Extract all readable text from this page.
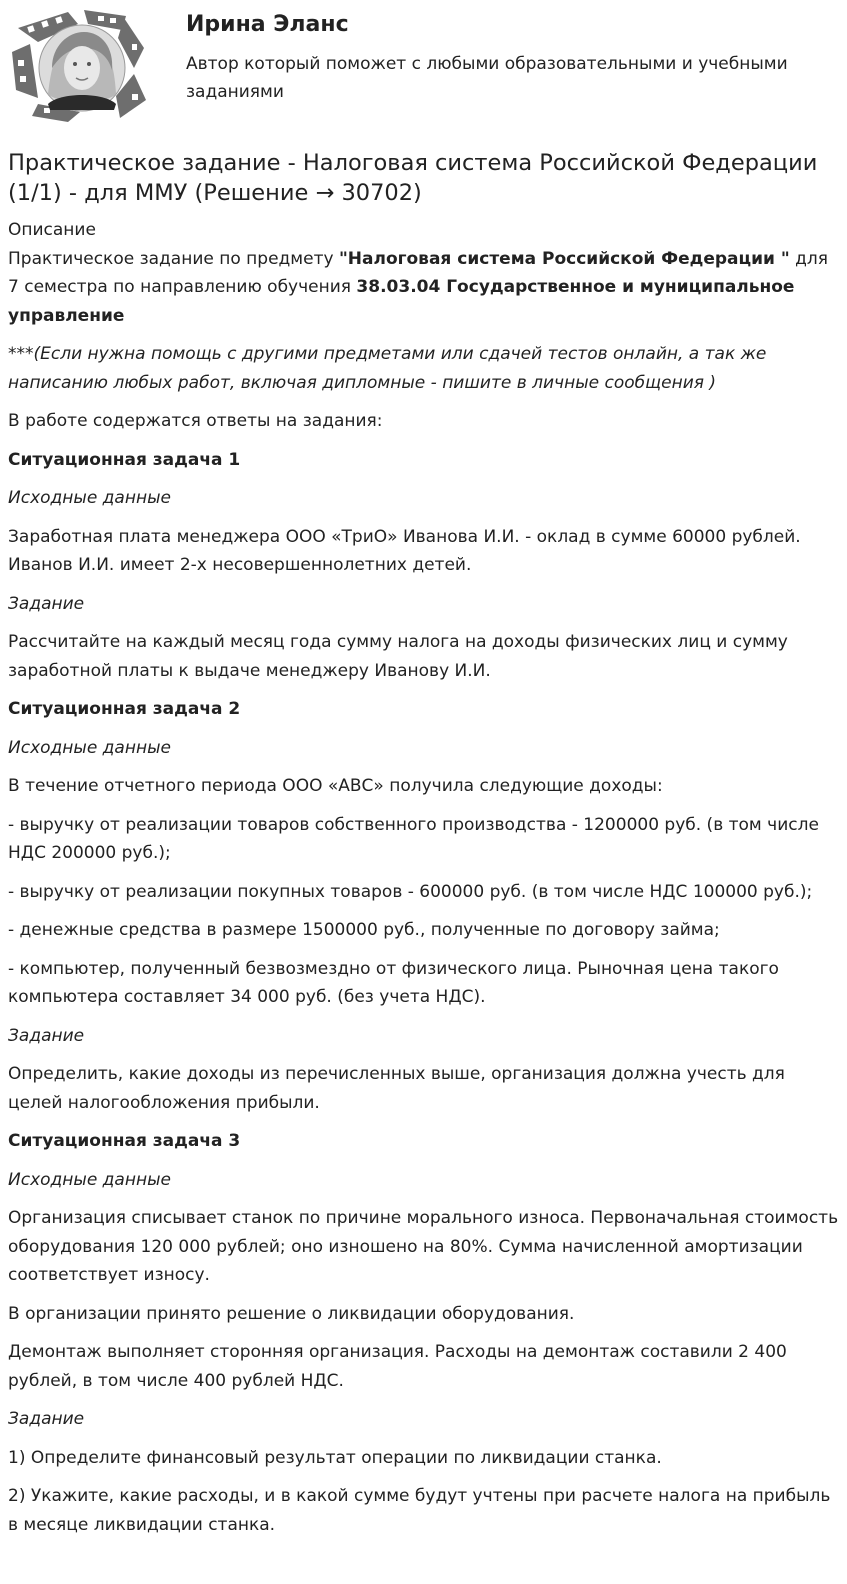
Ирина Эланс

Автор который поможет с любыми образовательными и учебными заданиями

Практическое задание - Налоговая система Российской Федерации (1/1) - для ММУ (Решение → 30702)

Описание

Практическое задание по предмету "Налоговая система Российской Федерации " для 7 семестра по направлению обучения 38.03.04 Государственное и муниципальное управление

***(Если нужна помощь с другими предметами или сдачей тестов онлайн, а так же написанию любых работ, включая дипломные - пишите в личные сообщения )

В работе содержатся ответы на задания:

Ситуационная задача 1

Исходные данные

Заработная плата менеджера ООО «ТриО» Иванова И.И. - оклад в сумме 60000 рублей. Иванов И.И. имеет 2-х несовершеннолетних детей.

Задание

Рассчитайте на каждый месяц года сумму налога на доходы физических лиц и сумму заработной платы к выдаче менеджеру Иванову И.И.

Ситуационная задача 2

Исходные данные

В течение отчетного периода ООО «АВС» получила следующие доходы:

- выручку от реализации товаров собственного производства - 1200000 руб. (в том числе НДС 200000 руб.);

- выручку от реализации покупных товаров - 600000 руб. (в том числе НДС 100000 руб.);

- денежные средства в размере 1500000 руб., полученные по договору займа;

- компьютер, полученный безвозмездно от физического лица. Рыночная цена такого компьютера составляет 34 000 руб. (без учета НДС).

Задание

Определить, какие доходы из перечисленных выше, организация должна учесть для целей налогообложения прибыли.

Ситуационная задача 3

Исходные данные

Организация списывает станок по причине морального износа. Первоначальная стоимость оборудования 120 000 рублей; оно изношено на 80%. Сумма начисленной амортизации соответствует износу.

В организации принято решение о ликвидации оборудования.

Демонтаж выполняет сторонняя организация. Расходы на демонтаж составили 2 400 рублей, в том числе 400 рублей НДС.

Задание

1) Определите финансовый результат операции по ликвидации станка.

2) Укажите, какие расходы, и в какой сумме будут учтены при расчете налога на прибыль в месяце ликвидации станка.
